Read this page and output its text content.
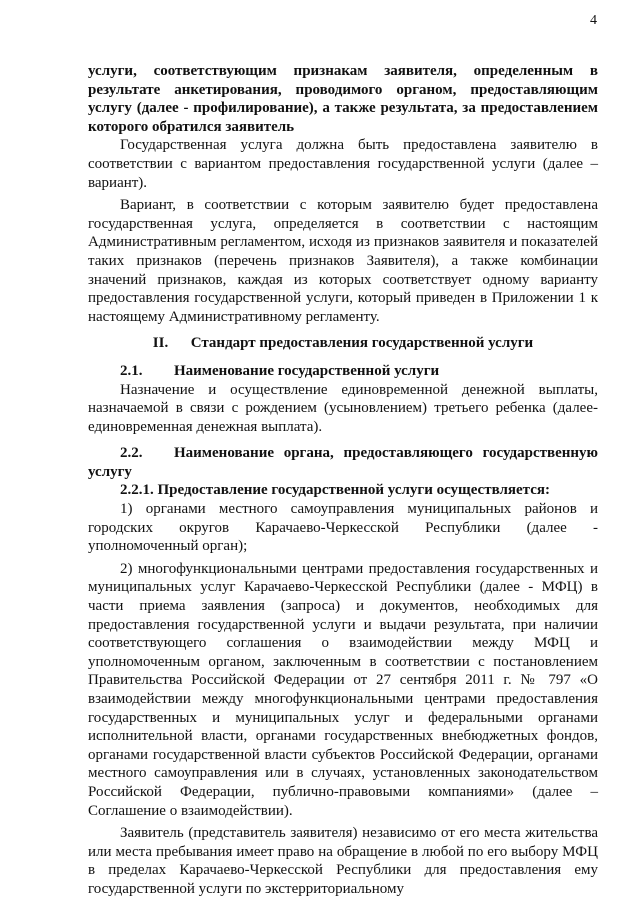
4

услуги, соответствующим признакам заявителя, определенным в результате анкетирования, проводимого органом, предоставляющим услугу (далее - профилирование), а также результата, за предоставлением которого обратился заявитель

Государственная услуга должна быть предоставлена заявителю в соответствии с вариантом предоставления государственной услуги (далее – вариант).

Вариант, в соответствии с которым заявителю будет предоставлена государственная услуга, определяется в соответствии с настоящим Административным регламентом, исходя из признаков заявителя и показателей таких признаков (перечень признаков Заявителя), а также комбинации значений признаков, каждая из которых соответствует одному варианту предоставления государственной услуги, который приведен в Приложении 1 к настоящему Административному регламенту.

II. Стандарт предоставления государственной услуги

2.1. Наименование государственной услуги

Назначение и осуществление единовременной денежной выплаты, назначаемой в связи с рождением (усыновлением) третьего ребенка (далее- единовременная денежная выплата).

2.2. Наименование органа, предоставляющего государственную услугу

2.2.1. Предоставление государственной услуги осуществляется:

1) органами местного самоуправления муниципальных районов и городских округов Карачаево-Черкесской Республики (далее - уполномоченный орган);

2) многофункциональными центрами предоставления государственных и муниципальных услуг Карачаево-Черкесской Республики (далее - МФЦ) в части приема заявления (запроса) и документов, необходимых для предоставления государственной услуги и выдачи результата, при наличии соответствующего соглашения о взаимодействии между МФЦ и уполномоченным органом, заключенным в соответствии с постановлением Правительства Российской Федерации от 27 сентября 2011 г. № 797 «О взаимодействии между многофункциональными центрами предоставления государственных и муниципальных услуг и федеральными органами исполнительной власти, органами государственных внебюджетных фондов, органами государственной власти субъектов Российской Федерации, органами местного самоуправления или в случаях, установленных законодательством Российской Федерации, публично-правовыми компаниями» (далее – Соглашение о взаимодействии).

Заявитель (представитель заявителя) независимо от его места жительства или места пребывания имеет право на обращение в любой по его выбору МФЦ в пределах Карачаево-Черкесской Республики для предоставления ему государственной услуги по экстерриториальному
